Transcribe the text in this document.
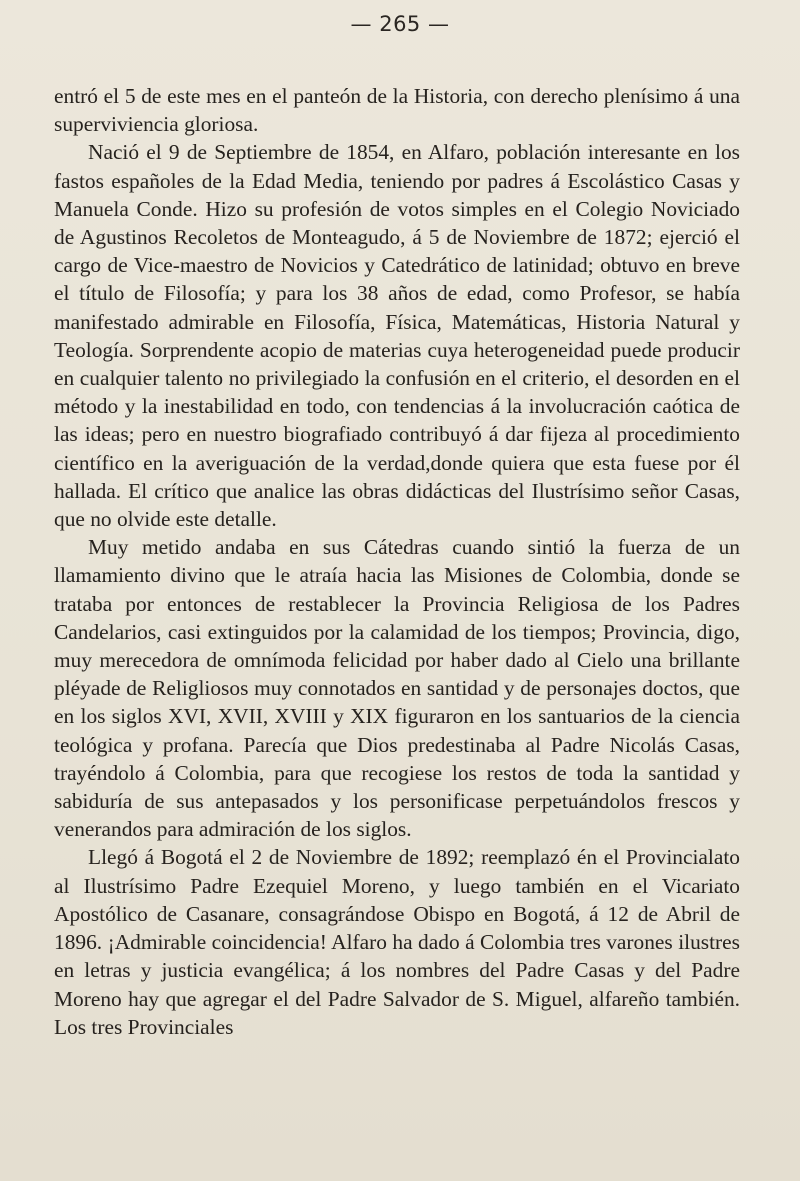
— 265 —

entró el 5 de este mes en el panteón de la Historia, con derecho plenísimo á una superviviencia gloriosa.

Nació el 9 de Septiembre de 1854, en Alfaro, población interesante en los fastos españoles de la Edad Media, teniendo por padres á Escolástico Casas y Manuela Conde. Hizo su profesión de votos simples en el Colegio Noviciado de Agustinos Recoletos de Monteagudo, á 5 de Noviembre de 1872; ejerció el cargo de Vice-maestro de Novicios y Catedrático de latinidad; obtuvo en breve el título de Filosofía; y para los 38 años de edad, como Profesor, se había manifestado admirable en Filosofía, Física, Matemáticas, Historia Natural y Teología. Sorprendente acopio de materias cuya heterogeneidad puede producir en cualquier talento no privilegiado la confusión en el criterio, el desorden en el método y la inestabilidad en todo, con tendencias á la involucración caótica de las ideas; pero en nuestro biografiado contribuyó á dar fijeza al procedimiento científico en la averiguación de la verdad,donde quiera que esta fuese por él hallada. El crítico que analice las obras didácticas del Ilustrísimo señor Casas, que no olvide este detalle.

Muy metido andaba en sus Cátedras cuando sintió la fuerza de un llamamiento divino que le atraía hacia las Misiones de Colombia, donde se trataba por entonces de restablecer la Provincia Religiosa de los Padres Candelarios, casi extinguidos por la calamidad de los tiempos; Provincia, digo, muy merecedora de omnímoda felicidad por haber dado al Cielo una brillante pléyade de Religliosos muy connotados en santidad y de personajes doctos, que en los siglos XVI, XVII, XVIII y XIX figuraron en los santuarios de la ciencia teológica y profana. Parecía que Dios predestinaba al Padre Nicolás Casas, trayéndolo á Colombia, para que recogiese los restos de toda la santidad y sabiduría de sus antepasados y los personificase perpetuándolos frescos y venerandos para admiración de los siglos.

Llegó á Bogotá el 2 de Noviembre de 1892; reemplazó én el Provincialato al Ilustrísimo Padre Ezequiel Moreno, y luego también en el Vicariato Apostólico de Casanare, consagrándose Obispo en Bogotá, á 12 de Abril de 1896. ¡Admirable coincidencia! Alfaro ha dado á Colombia tres varones ilustres en letras y justicia evangélica; á los nombres del Padre Casas y del Padre Moreno hay que agregar el del Padre Salvador de S. Miguel, alfareño también. Los tres Provinciales
